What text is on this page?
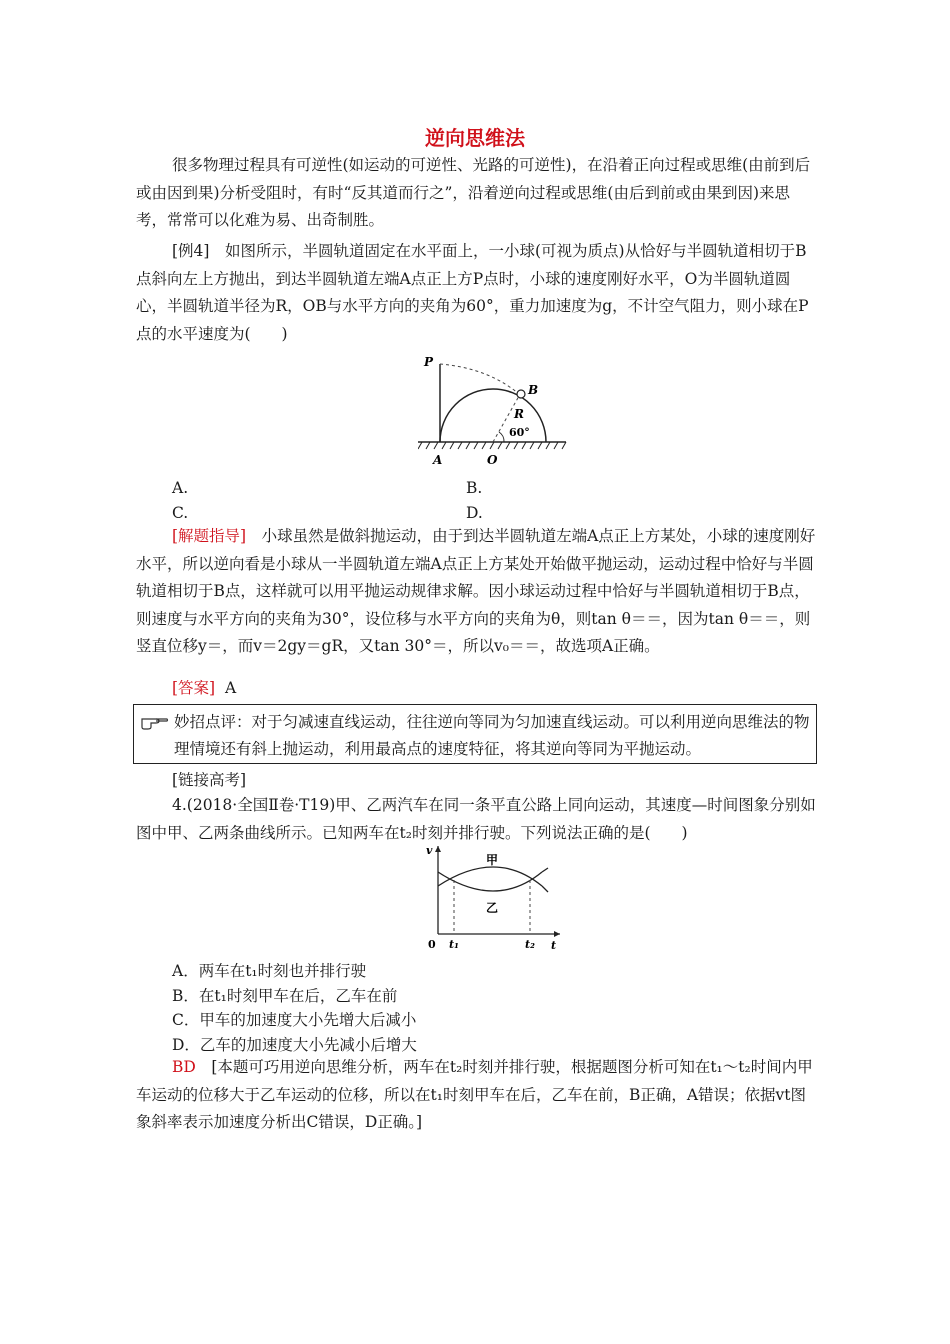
逆向思维法
很多物理过程具有可逆性(如运动的可逆性、光路的可逆性)，在沿着正向过程或思维(由前到后或由因到果)分析受阻时，有时“反其道而行之”，沿着逆向过程或思维(由后到前或由果到因)来思考，常常可以化难为易、出奇制胜。
[例4]　如图所示，半圆轨道固定在水平面上，一小球(可视为质点)从恰好与半圆轨道相切于B点斜向左上方抛出，到达半圆轨道左端A点正上方P点时，小球的速度刚好水平，O为半圆轨道圆心，半圆轨道半径为R，OB与水平方向的夹角为60°，重力加速度为g，不计空气阻力，则小球在P点的水平速度为(　　)
P
B
R
60°
A	O
A.	B.
C.	D.
[解题指导]　小球虽然是做斜抛运动，由于到达半圆轨道左端A点正上方某处，小球的速度刚好水平，所以逆向看是小球从一半圆轨道左端A点正上方某处开始做平抛运动，运动过程中恰好与半圆轨道相切于B点，这样就可以用平抛运动规律求解。因小球运动过程中恰好与半圆轨道相切于B点，则速度与水平方向的夹角为30°，设位移与水平方向的夹角为θ，则tan θ＝＝，因为tan θ＝＝，则竖直位移y＝，而v＝2gy＝gR，又tan 30°＝，所以v₀＝＝，故选项A正确。
[答案] A
妙招点评：对于匀减速直线运动，往往逆向等同为匀加速直线运动。可以利用逆向思维法的物理情境还有斜上抛运动，利用最高点的速度特征，将其逆向等同为平抛运动。
[链接高考]
4.(2018·全国Ⅱ卷·T19)甲、乙两汽车在同一条平直公路上同向运动，其速度—时间图象分别如图中甲、乙两条曲线所示。已知两车在t₂时刻并排行驶。下列说法正确的是(　　)
v
t
0 t₁	t₂
甲
乙
A．两车在t₁时刻也并排行驶
B．在t₁时刻甲车在后，乙车在前
C．甲车的加速度大小先增大后减小
D．乙车的加速度大小先减小后增大
BD　[本题可巧用逆向思维分析，两车在t₂时刻并排行驶，根据题图分析可知在t₁～t₂时间内甲车运动的位移大于乙车运动的位移，所以在t₁时刻甲车在后，乙车在前，B正确，A错误；依据vt图象斜率表示加速度分析出C错误，D正确。]
